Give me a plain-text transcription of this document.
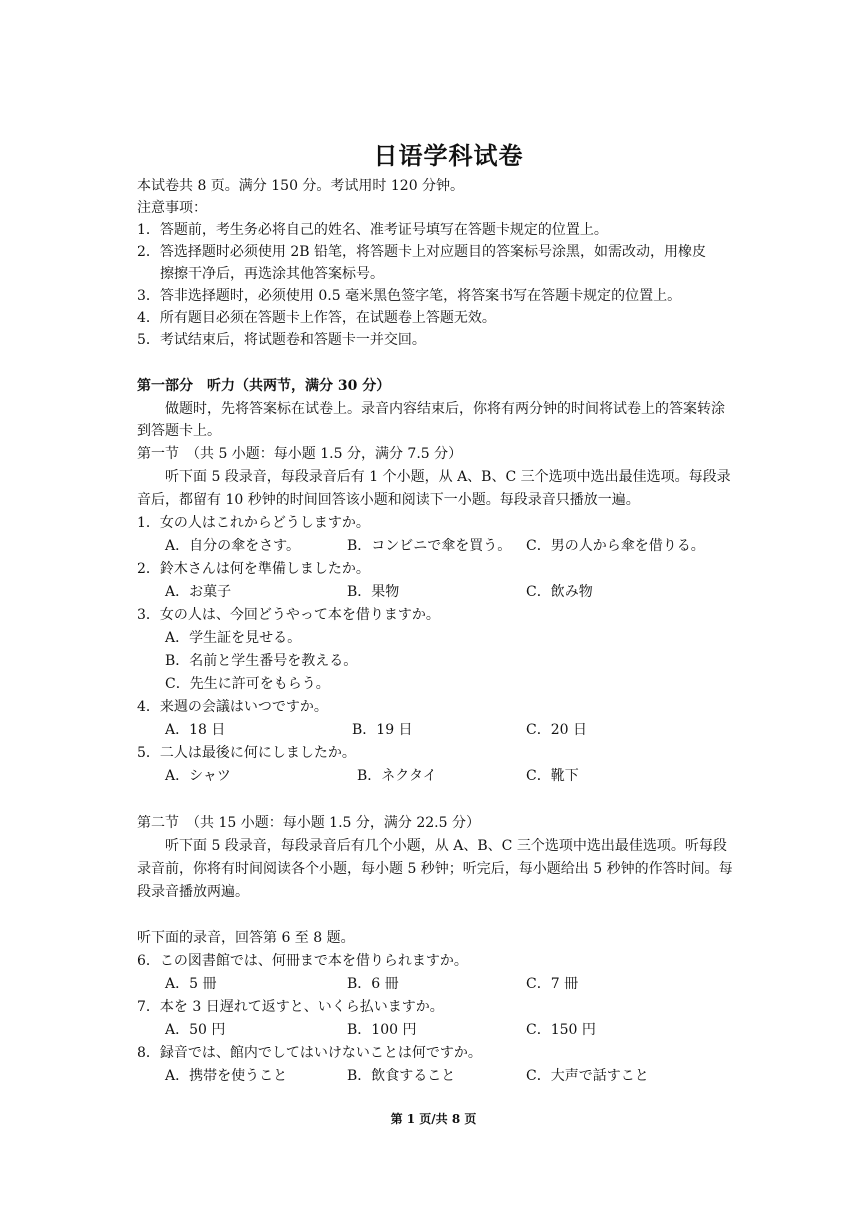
日语学科试卷
本试卷共 8 页。满分 150 分。考试用时 120 分钟。
注意事项：
1．答题前，考生务必将自己的姓名、准考证号填写在答题卡规定的位置上。
2．答选择题时必须使用 2B 铅笔，将答题卡上对应题目的答案标号涂黑，如需改动，用橡皮
擦擦干净后，再选涂其他答案标号。
3．答非选择题时，必须使用 0.5 毫米黑色签字笔，将答案书写在答题卡规定的位置上。
4．所有题目必须在答题卡上作答，在试题卷上答题无效。
5．考试结束后，将试题卷和答题卡一并交回。
第一部分　听力（共两节，满分 30 分）
做题时，先将答案标在试卷上。录音内容结束后，你将有两分钟的时间将试卷上的答案转涂
到答题卡上。
第一节　（共 5 小题：每小题 1.5 分，满分 7.5 分）
听下面 5 段录音，每段录音后有 1 个小题，从 A、B、C 三个选项中选出最佳选项。每段录
音后，都留有 10 秒钟的时间回答该小题和阅读下一小题。每段录音只播放一遍。
1．女の人はこれからどうしますか。
A．自分の傘をさす。	B．コンビニで傘を買う。 C．男の人から傘を借りる。
2．鈴木さんは何を準備しましたか。
A．お菓子	B．果物	C．飲み物
3．女の人は、今回どうやって本を借りますか。
A．学生証を見せる。
B．名前と学生番号を教える。
C．先生に許可をもらう。
4．来週の会議はいつですか。
A．18 日	B．19 日	C．20 日
5．二人は最後に何にしましたか。
A．シャツ	B．ネクタイ	C．靴下
第二节　（共 15 小题：每小题 1.5 分，满分 22.5 分）
听下面 5 段录音，每段录音后有几个小题，从 A、B、C 三个选项中选出最佳选项。听每段
录音前，你将有时间阅读各个小题，每小题 5 秒钟；听完后，每小题给出 5 秒钟的作答时间。每
段录音播放两遍。
听下面的录音，回答第 6 至 8 题。
6．この図書館では、何冊まで本を借りられますか。
A．5 冊	B．6 冊	C．7 冊
7．本を 3 日遅れて返すと、いくら払いますか。
A．50 円	B．100 円	C．150 円
8．録音では、館内でしてはいけないことは何ですか。
A．携帯を使うこと	B．飲食すること	C．大声で話すこと
第 1 页/共 8 页
